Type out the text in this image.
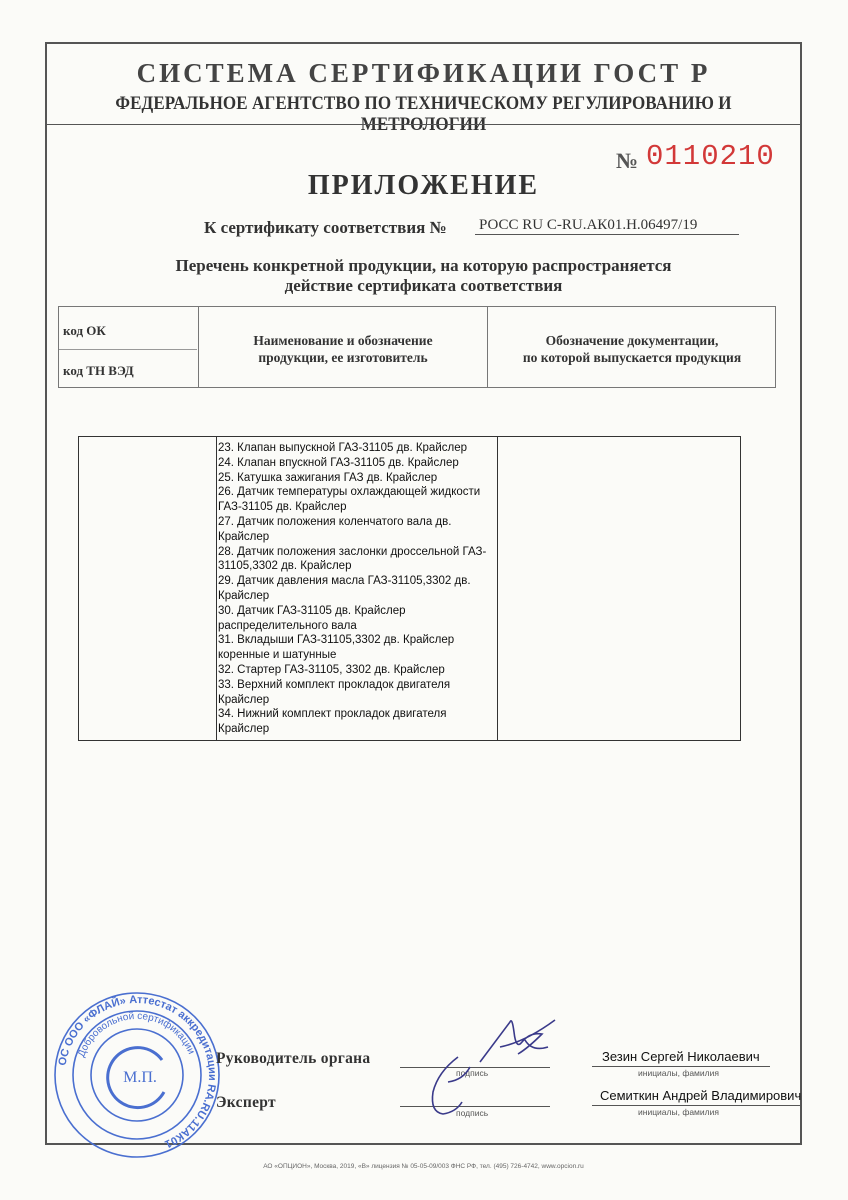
СИСТЕМА СЕРТИФИКАЦИИ ГОСТ Р
ФЕДЕРАЛЬНОЕ АГЕНТСТВО ПО ТЕХНИЧЕСКОМУ РЕГУЛИРОВАНИЮ И МЕТРОЛОГИИ
№ 0110210
ПРИЛОЖЕНИЕ
К сертификату соответствия № РОСС RU С-RU.АК01.Н.06497/19
Перечень конкретной продукции, на которую распространяется
действие сертификата соответствия
код ОК
код ТН ВЭД
Наименование и обозначение
продукции, ее изготовитель
Обозначение документации,
по которой выпускается продукция
23. Клапан выпускной ГАЗ-31105 дв. Крайслер
24. Клапан впускной ГАЗ-31105 дв. Крайслер
25. Катушка зажигания ГАЗ дв. Крайслер
26. Датчик температуры охлаждающей жидкости
ГАЗ-31105 дв. Крайслер
27. Датчик положения коленчатого вала дв.
Крайслер
28. Датчик положения заслонки дроссельной ГАЗ-
31105,3302 дв. Крайслер
29. Датчик давления масла ГАЗ-31105,3302 дв.
Крайслер
30. Датчик ГАЗ-31105 дв. Крайслер
распределительного вала
31. Вкладыши ГАЗ-31105,3302 дв. Крайслер
коренные и шатунные
32. Стартер ГАЗ-31105, 3302 дв. Крайслер
33. Верхний комплект прокладок двигателя
Крайслер
34. Нижний комплект прокладок двигателя
Крайслер
ОС ООО «ФЛАЙ» Аттестат аккредитации RA.RU.11АК01
Добровольной сертификации
М.П.
Руководитель органа
подпись
Зезин Сергей Николаевич
инициалы, фамилия
Эксперт
подпись
Семиткин Андрей Владимирович
инициалы, фамилия
АО «ОПЦИОН», Москва, 2019, «В» лицензия № 05-05-09/003 ФНС РФ, тел. (495) 726-4742, www.opcion.ru
